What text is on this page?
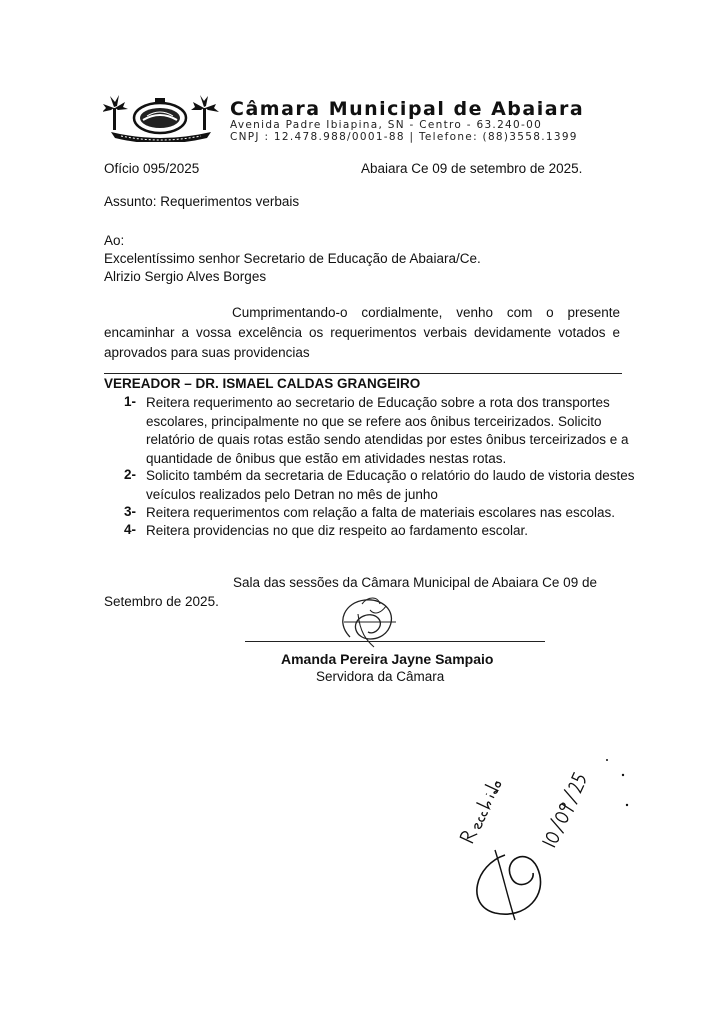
Câmara Municipal de Abaiara
Avenida Padre Ibiapina, SN - Centro - 63.240-00
CNPJ : 12.478.988/0001-88 | Telefone: (88)3558.1399
Ofício 095/2025	Abaiara Ce 09 de setembro de 2025.
Assunto: Requerimentos verbais
Ao:
Excelentíssimo senhor Secretario de Educação de Abaiara/Ce.
Alrizio Sergio Alves Borges
Cumprimentando-o cordialmente, venho com o presente encaminhar a vossa excelência os requerimentos verbais devidamente votados e aprovados para suas providencias
VEREADOR – DR. ISMAEL CALDAS GRANGEIRO
1- Reitera requerimento ao secretario de Educação sobre a rota dos transportes
escolares, principalmente no que se refere aos ônibus terceirizados. Solicito
relatório de quais rotas estão sendo atendidas por estes ônibus terceirizados e a
quantidade de ônibus que estão em atividades nestas rotas.
2- Solicito também da secretaria de Educação o relatório do laudo de vistoria destes
veículos realizados pelo Detran no mês de junho
3- Reitera requerimentos com relação a falta de materiais escolares nas escolas.
4- Reitera providencias no que diz respeito ao fardamento escolar.
Sala das sessões da Câmara Municipal de Abaiara Ce 09 de
Setembro de 2025.
Amanda Pereira Jayne Sampaio
Servidora da Câmara
